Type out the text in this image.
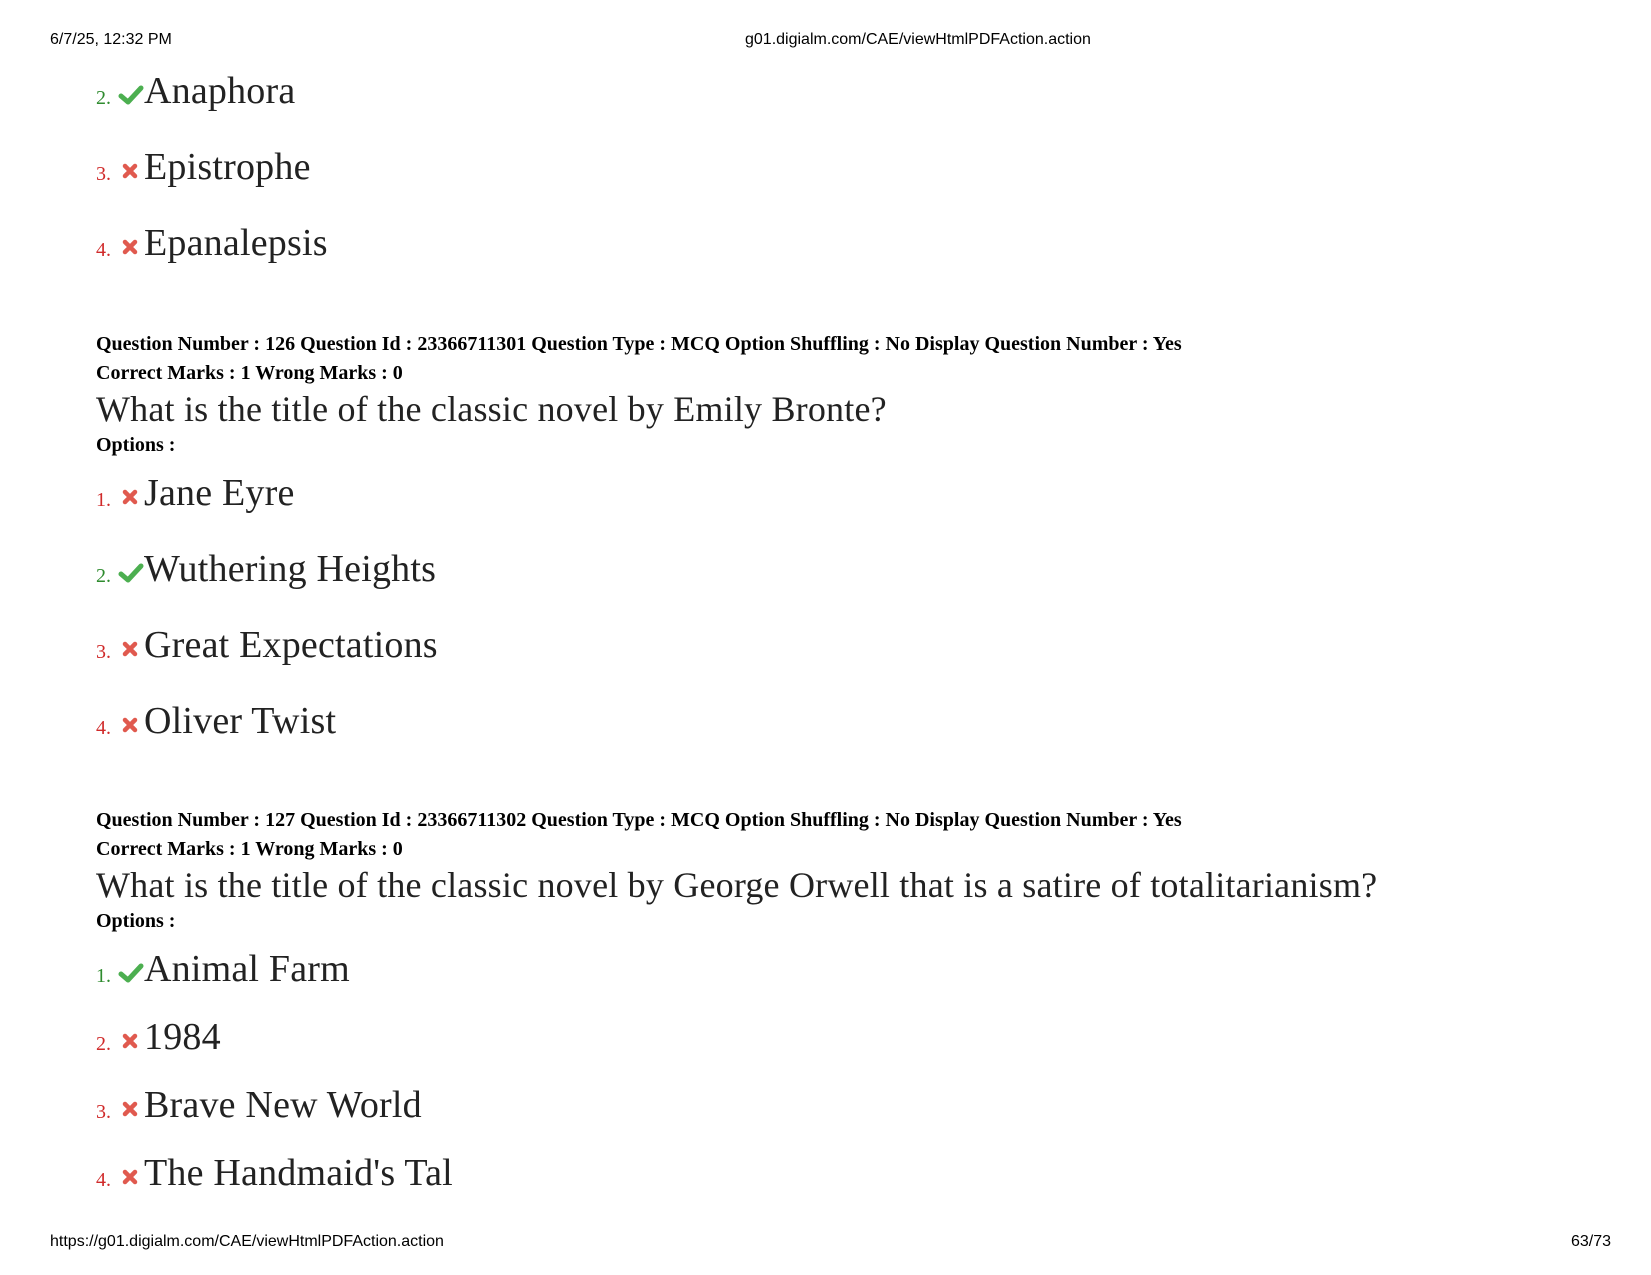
6/7/25, 12:32 PM	g01.digialm.com/CAE/viewHtmlPDFAction.action
2. Anaphora
3. Epistrophe
4. Epanalepsis
Question Number : 126 Question Id : 23366711301 Question Type : MCQ Option Shuffling : No Display Question Number : Yes
Correct Marks : 1 Wrong Marks : 0
What is the title of the classic novel by Emily Bronte?
Options :
1. Jane Eyre
2. Wuthering Heights
3. Great Expectations
4. Oliver Twist
Question Number : 127 Question Id : 23366711302 Question Type : MCQ Option Shuffling : No Display Question Number : Yes
Correct Marks : 1 Wrong Marks : 0
What is the title of the classic novel by George Orwell that is a satire of totalitarianism?
Options :
1. Animal Farm
2. 1984
3. Brave New World
4. The Handmaid's Tal
https://g01.digialm.com/CAE/viewHtmlPDFAction.action	63/73
